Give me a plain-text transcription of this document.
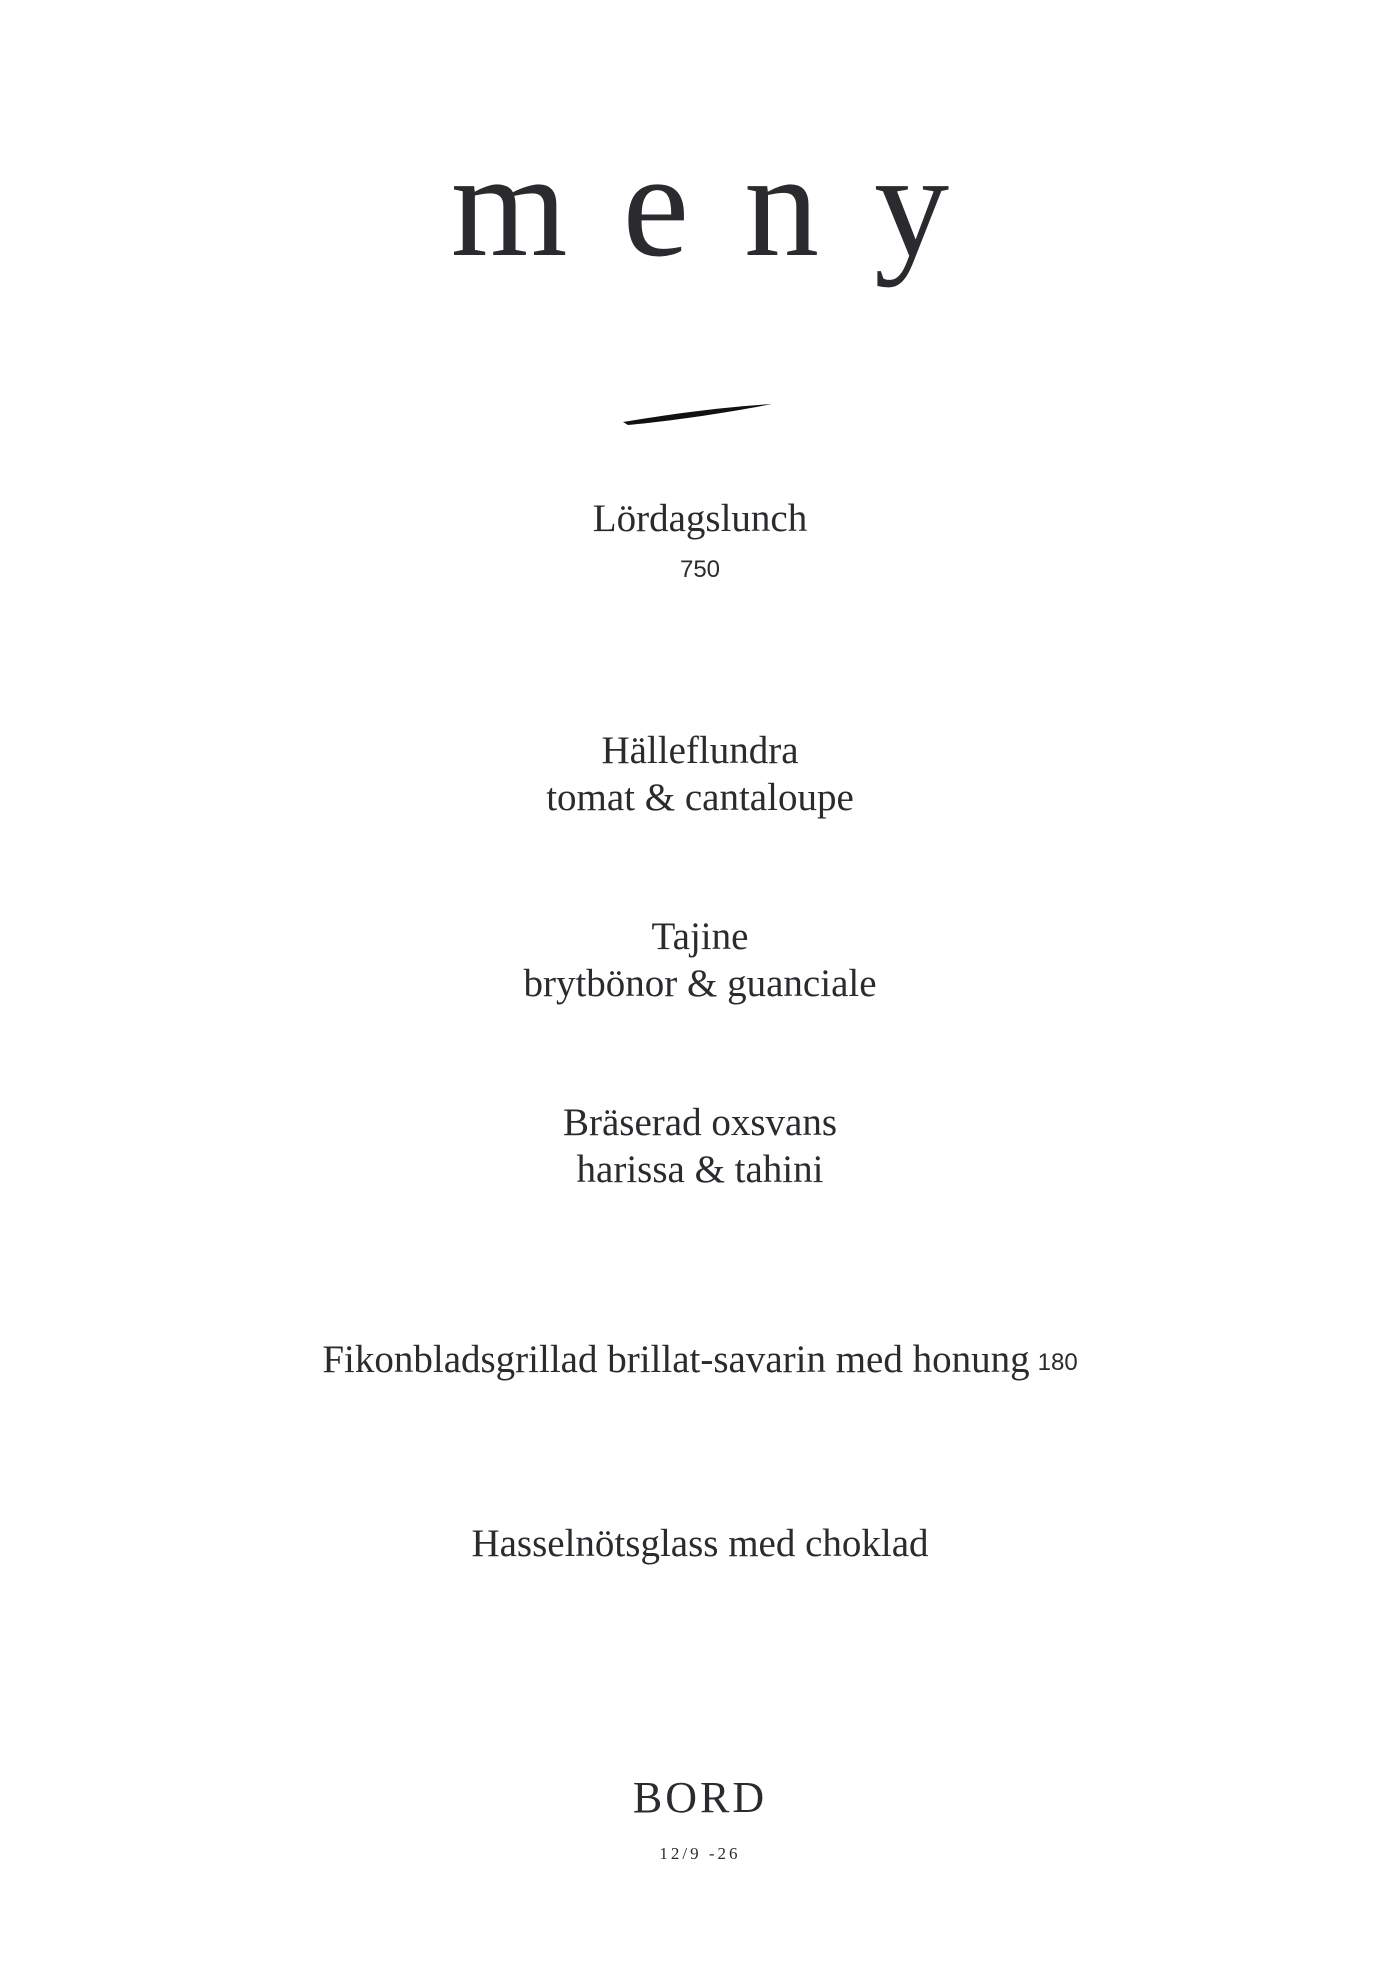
meny
Lördagslunch
750
Hälleflundra
tomat & cantaloupe
Tajine
brytbönor & guanciale
Bräserad oxsvans
harissa & tahini
Fikonbladsgrillad brillat-savarin med honung 180
Hasselnötsglass med choklad
BORD
12/9 -26
